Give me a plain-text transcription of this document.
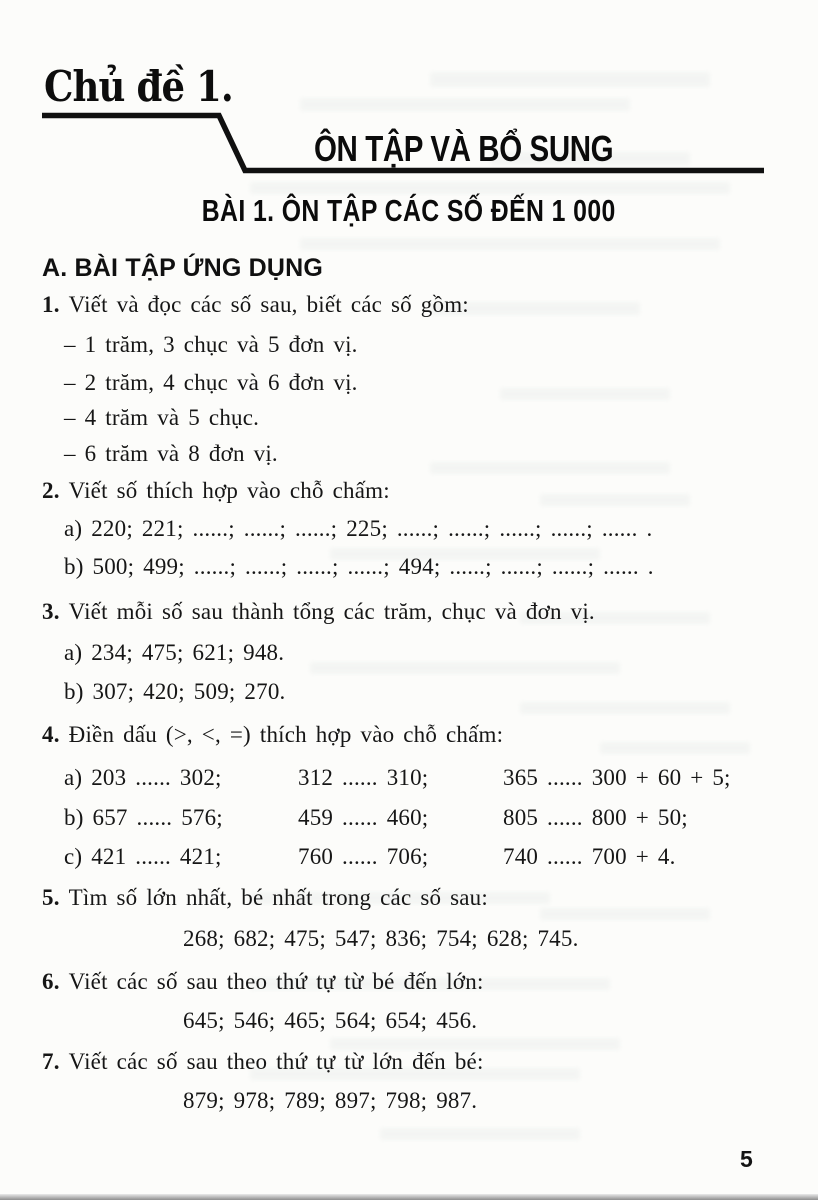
Chủ đề 1.
ÔN TẬP VÀ BỔ SUNG
BÀI 1. ÔN TẬP CÁC SỐ ĐẾN 1 000
A. BÀI TẬP ỨNG DỤNG
1. Viết và đọc các số sau, biết các số gồm:
– 1 trăm, 3 chục và 5 đơn vị.
– 2 trăm, 4 chục và 6 đơn vị.
– 4 trăm và 5 chục.
– 6 trăm và 8 đơn vị.
2. Viết số thích hợp vào chỗ chấm:
a) 220; 221; ......; ......; ......; 225; ......; ......; ......; ......; ...... .
b) 500; 499; ......; ......; ......; ......; 494; ......; ......; ......; ...... .
3. Viết mỗi số sau thành tổng các trăm, chục và đơn vị.
a) 234; 475; 621; 948.
b) 307; 420; 509; 270.
4. Điền dấu (>, <, =) thích hợp vào chỗ chấm:
a) 203 ...... 302;	312 ...... 310;	365 ...... 300 + 60 + 5;
b) 657 ...... 576;	459 ...... 460;	805 ...... 800 + 50;
c) 421 ...... 421;	760 ...... 706;	740 ...... 700 + 4.
5. Tìm số lớn nhất, bé nhất trong các số sau:
268; 682; 475; 547; 836; 754; 628; 745.
6. Viết các số sau theo thứ tự từ bé đến lớn:
645; 546; 465; 564; 654; 456.
7. Viết các số sau theo thứ tự từ lớn đến bé:
879; 978; 789; 897; 798; 987.
5
